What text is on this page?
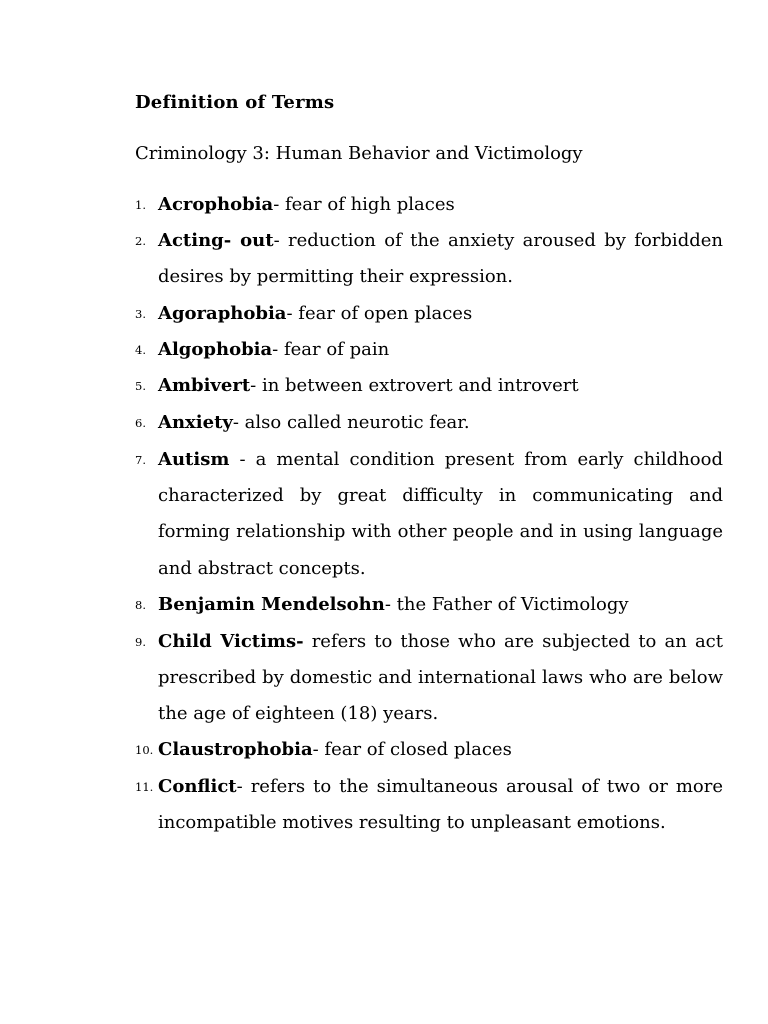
Definition of Terms
Criminology 3: Human Behavior and Victimology
1. Acrophobia- fear of high places
2. Acting- out- reduction of the anxiety aroused by forbidden desires by permitting their expression.
3. Agoraphobia- fear of open places
4. Algophobia- fear of pain
5. Ambivert- in between extrovert and introvert
6. Anxiety- also called neurotic fear.
7. Autism - a mental condition present from early childhood characterized by great difficulty in communicating and forming relationship with other people and in using language and abstract concepts.
8. Benjamin Mendelsohn- the Father of Victimology
9. Child Victims- refers to those who are subjected to an act prescribed by domestic and international laws who are below the age of eighteen (18) years.
10. Claustrophobia- fear of closed places
11. Conflict- refers to the simultaneous arousal of two or more incompatible motives resulting to unpleasant emotions.
